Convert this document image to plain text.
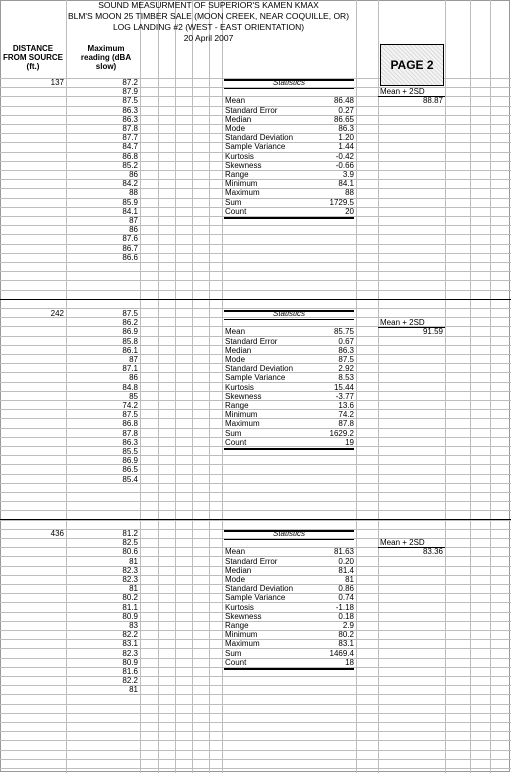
SOUND MEASURMENT OF SUPERIOR'S KAMEN KMAX
BLM'S MOON 25 TIMBER SALE (MOON CREEK, NEAR COQUILLE, OR)
LOG LANDING #2 (WEST - EAST ORIENTATION)
20 April 2007
DISTANCE FROM SOURCE (ft.)
Maximum reading (dBA slow)	PAGE 2
137	87.2
87.9
87.5
86.3
86.3
87.8
87.7
84.7
86.8
85.2
86
84.2
88
85.9
84.1
87
86
87.6
86.7
86.6
Statistics
Mean	86.48
Standard Error	0.27
Median	86.65
Mode	86.3
Standard Deviation	1.20
Sample Variance	1.44
Kurtosis	-0.42
Skewness	-0.66
Range	3.9
Minimum	84.1
Maximum	88
Sum	1729.5
Count	20
Mean + 2SD
88.87
242	87.5
86.2
86.9
85.8
86.1
87
87.1
86
84.8
85
74.2
87.5
86.8
87.8
86.3
85.5
86.9
86.5
85.4
Statistics
Mean	85.75
Standard Error	0.67
Median	86.3
Mode	87.5
Standard Deviation	2.92
Sample Variance	8.53
Kurtosis	15.44
Skewness	-3.77
Range	13.6
Minimum	74.2
Maximum	87.8
Sum	1629.2
Count	19
Mean + 2SD
91.59
436	81.2
82.5
80.6
81
82.3
82.3
81
80.2
81.1
80.9
83
82.2
83.1
82.3
80.9
81.6
82.2
81
Statistics
Mean	81.63
Standard Error	0.20
Median	81.4
Mode	81
Standard Deviation	0.86
Sample Variance	0.74
Kurtosis	-1.18
Skewness	0.18
Range	2.9
Minimum	80.2
Maximum	83.1
Sum	1469.4
Count	18
Mean + 2SD
83.36
